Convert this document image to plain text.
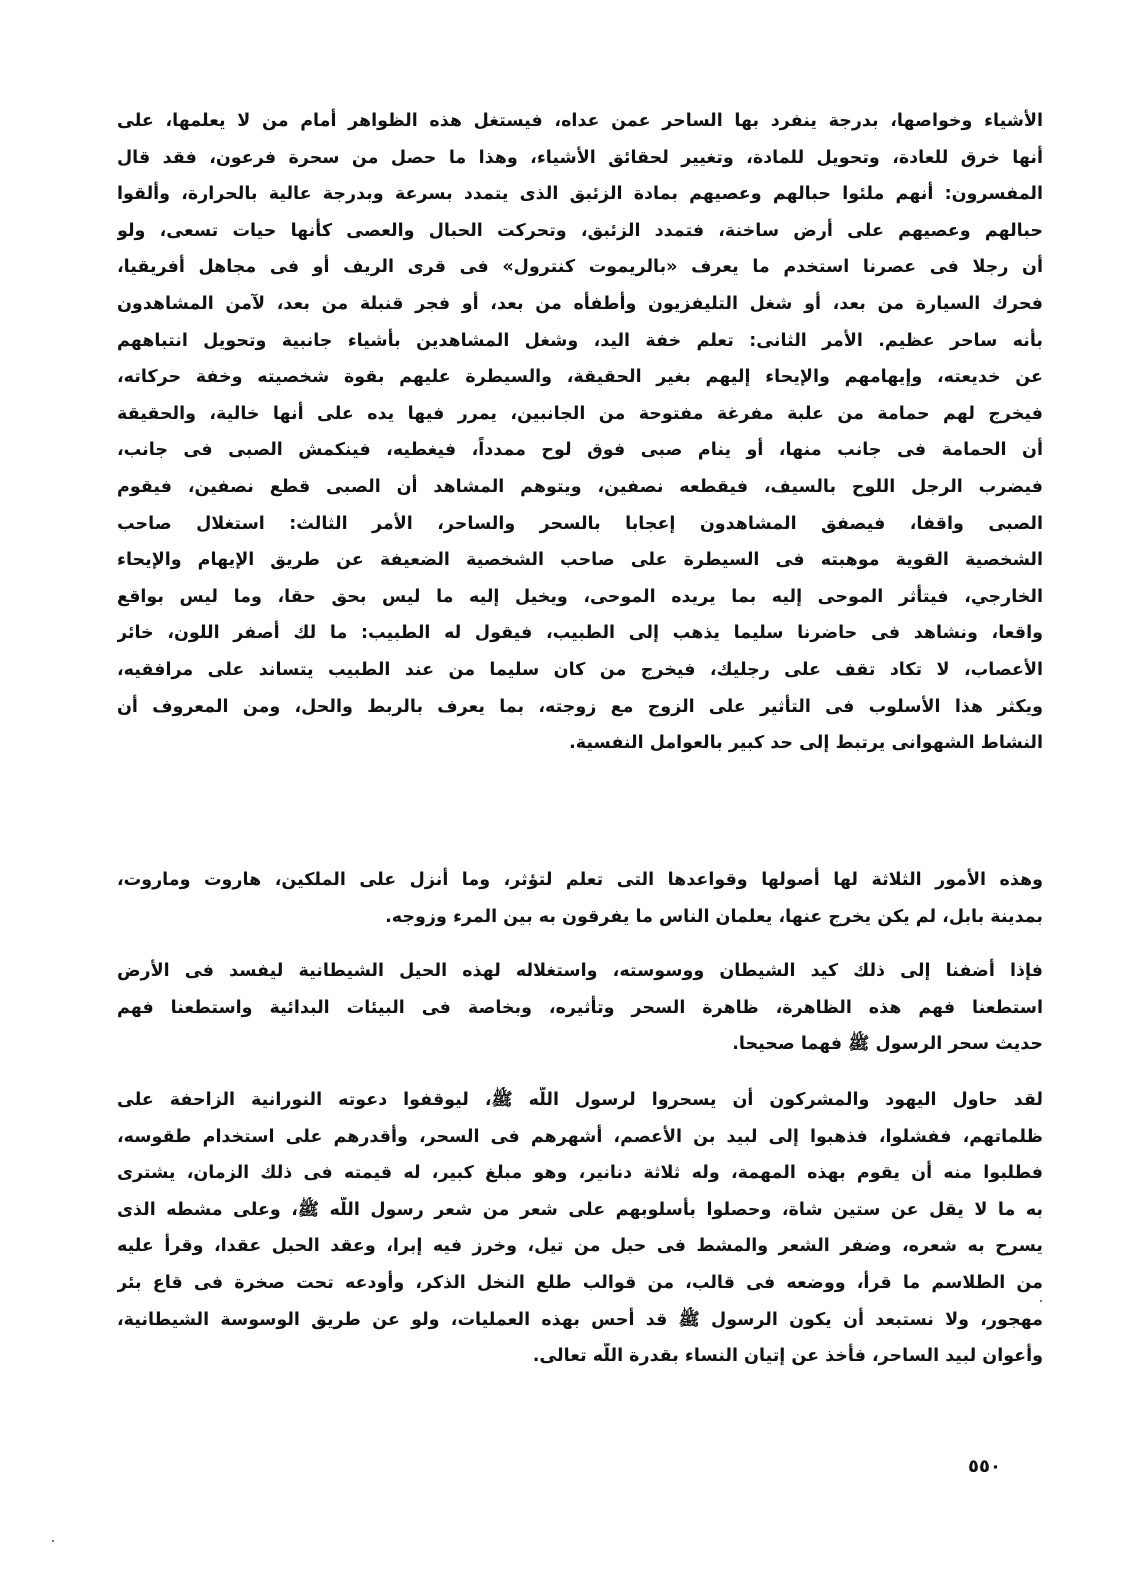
الأشياء وخواصها، بدرجة ينفرد بها الساحر عمن عداه، فيستغل هذه الظواهر أمام من لا يعلمها، على
أنها خرق للعادة، وتحويل للمادة، وتغيير لحقائق الأشياء، وهذا ما حصل من سحرة فرعون، فقد قال
المفسرون: أنهم ملئوا حبالهم وعصيهم بمادة الزئبق الذى يتمدد بسرعة وبدرجة عالية بالحرارة، وألقوا
حبالهم وعصيهم على أرض ساخنة، فتمدد الزئبق، وتحركت الحبال والعصى كأنها حيات تسعى، ولو
أن رجلا فى عصرنا استخدم ما يعرف «بالريموت كنترول» فى قرى الريف أو فى مجاهل أفريقيا،
فحرك السيارة من بعد، أو شغل التليفزيون وأطفأه من بعد، أو فجر قنبلة من بعد، لآمن المشاهدون
بأنه ساحر عظيم. الأمر الثانى: تعلم خفة اليد، وشغل المشاهدين بأشياء جانبية وتحويل انتباههم
عن خديعته، وإيهامهم والإيحاء إليهم بغير الحقيقة، والسيطرة عليهم بقوة شخصيته وخفة حركاته،
فيخرج لهم حمامة من علبة مفرغة مفتوحة من الجانبين، يمرر فيها يده على أنها خالية، والحقيقة
أن الحمامة فى جانب منها، أو ينام صبى فوق لوح ممدداً، فيغطيه، فينكمش الصبى فى جانب،
فيضرب الرجل اللوح بالسيف، فيقطعه نصفين، ويتوهم المشاهد أن الصبى قطع نصفين، فيقوم
الصبى واقفا، فيصفق المشاهدون إعجابا بالسحر والساحر، الأمر الثالث: استغلال صاحب
الشخصية القوية موهبته فى السيطرة على صاحب الشخصية الضعيفة عن طريق الإيهام والإيحاء
الخارجي، فيتأثر الموحى إليه بما يريده الموحى، ويخيل إليه ما ليس بحق حقا، وما ليس بواقع
واقعا، ونشاهد فى حاضرنا سليما يذهب إلى الطبيب، فيقول له الطبيب: ما لك أصفر اللون، خائر
الأعصاب، لا تكاد تقف على رجليك، فيخرج من كان سليما من عند الطبيب يتساند على مرافقيه،
ويكثر هذا الأسلوب فى التأثير على الزوج مع زوجته، بما يعرف بالربط والحل، ومن المعروف أن
النشاط الشهوانى يرتبط إلى حد كبير بالعوامل النفسية.
وهذه الأمور الثلاثة لها أصولها وقواعدها التى تعلم لتؤثر، وما أنزل على الملكين، هاروت وماروت،
بمدينة بابل، لم يكن يخرج عنها، يعلمان الناس ما يفرقون به بين المرء وزوجه.
فإذا أضفنا إلى ذلك كيد الشيطان ووسوسته، واستغلاله لهذه الحيل الشيطانية ليفسد فى الأرض
استطعنا فهم هذه الظاهرة، ظاهرة السحر وتأثيره، وبخاصة فى البيئات البدائية واستطعنا فهم
حديث سحر الرسول ﷺ فهما صحيحا.
لقد حاول اليهود والمشركون أن يسحروا لرسول اللّه ﷺ، ليوقفوا دعوته النورانية الزاحفة على
ظلماتهم، ففشلوا، فذهبوا إلى لبيد بن الأعصم، أشهرهم فى السحر، وأقدرهم على استخدام طقوسه،
فطلبوا منه أن يقوم بهذه المهمة، وله ثلاثة دنانير، وهو مبلغ كبير، له قيمته فى ذلك الزمان، يشترى
به ما لا يقل عن ستين شاة، وحصلوا بأسلوبهم على شعر من شعر رسول اللّه ﷺ، وعلى مشطه الذى
يسرح به شعره، وضفر الشعر والمشط فى حبل من تيل، وخرز فيه إبرا، وعقد الحبل عقدا، وقرأ عليه
من الطلاسم ما قرأ، ووضعه فى قالب، من قوالب طلع النخل الذكر، وأودعه تحت صخرة فى قاع بئر
مهجور، ولا نستبعد أن يكون الرسول ﷺ قد أحس بهذه العمليات، ولو عن طريق الوسوسة الشيطانية،
وأعوان لبيد الساحر، فأخذ عن إتيان النساء بقدرة اللّه تعالى.
٥٥٠
